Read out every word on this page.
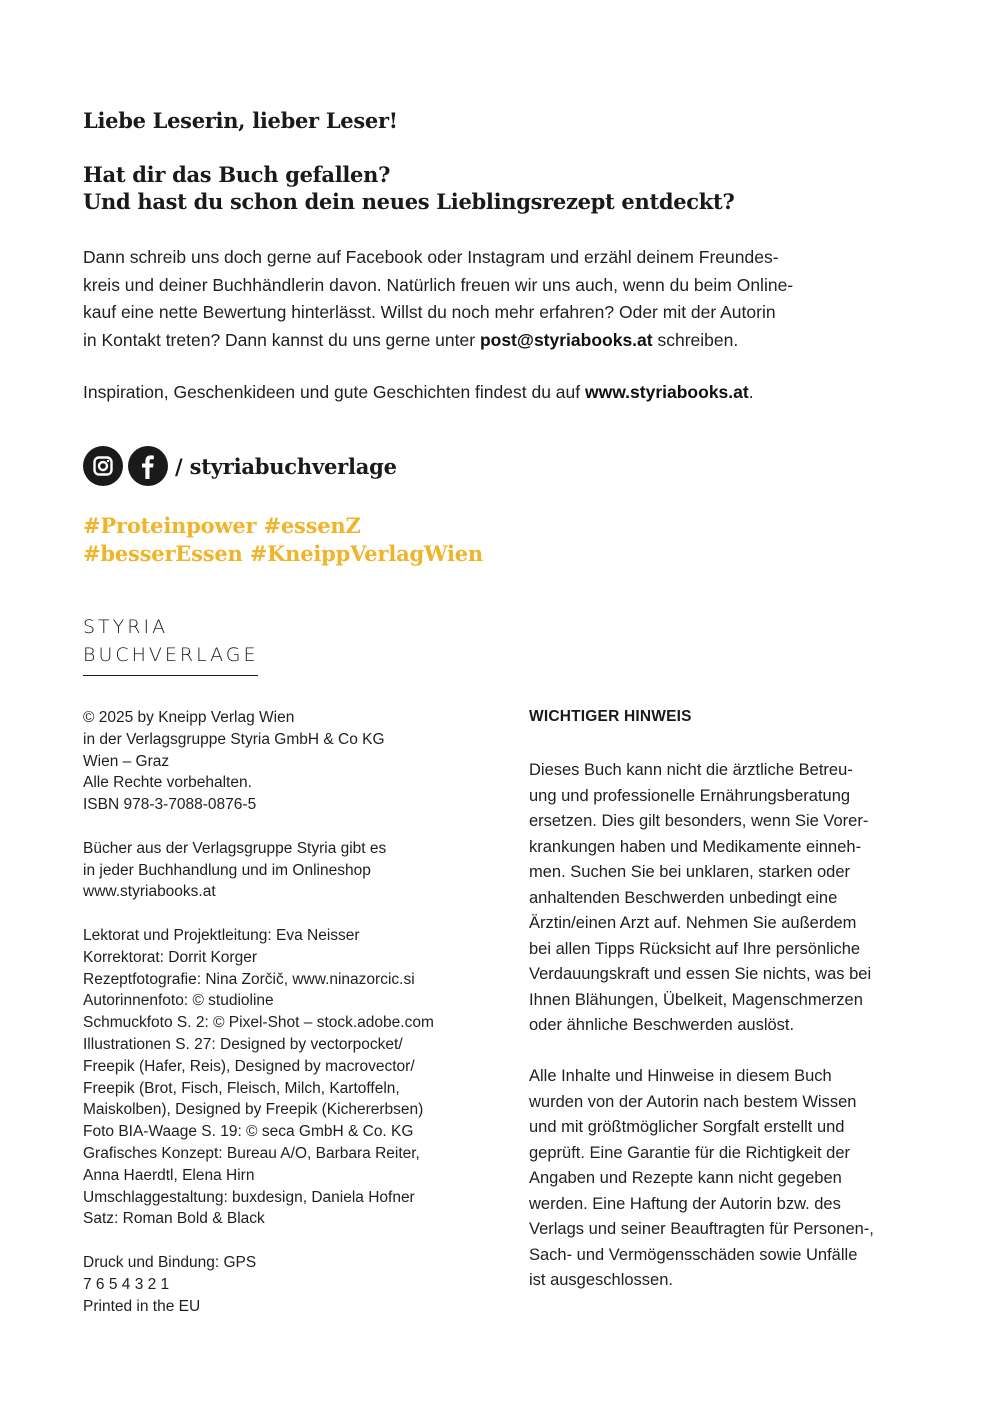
Liebe Leserin, lieber Leser!
Hat dir das Buch gefallen?
Und hast du schon dein neues Lieblingsrezept entdeckt?
Dann schreib uns doch gerne auf Facebook oder Instagram und erzähl deinem Freundes-
kreis und deiner Buchhändlerin davon. Natürlich freuen wir uns auch, wenn du beim Online-
kauf eine nette Bewertung hinterlässt. Willst du noch mehr erfahren? Oder mit der Autorin
in Kontakt treten? Dann kannst du uns gerne unter post@styriabooks.at schreiben.
Inspiration, Geschenkideen und gute Geschichten findest du auf www.styriabooks.at.
/ styriabuchverlage
#Proteinpower #essenZ
#besserEssen #KneippVerlagWien
STYRIA
BUCHVERLAGE
© 2025 by Kneipp Verlag Wien
in der Verlagsgruppe Styria GmbH & Co KG
Wien – Graz
Alle Rechte vorbehalten.
ISBN 978-3-7088-0876-5
Bücher aus der Verlagsgruppe Styria gibt es
in jeder Buchhandlung und im Onlineshop
www.styriabooks.at
Lektorat und Projektleitung: Eva Neisser
Korrektorat: Dorrit Korger
Rezeptfotografie: Nina Zorčič, www.ninazorcic.si
Autorinnenfoto: © studioline
Schmuckfoto S. 2: © Pixel-Shot – stock.adobe.com
Illustrationen S. 27: Designed by vectorpocket/
Freepik (Hafer, Reis), Designed by macrovector/
Freepik (Brot, Fisch, Fleisch, Milch, Kartoffeln,
Maiskolben), Designed by Freepik (Kichererbsen)
Foto BIA-Waage S. 19: © seca GmbH & Co. KG
Grafisches Konzept: Bureau A/O, Barbara Reiter,
Anna Haerdtl, Elena Hirn
Umschlaggestaltung: buxdesign, Daniela Hofner
Satz: Roman Bold & Black
Druck und Bindung: GPS
7 6 5 4 3 2 1
Printed in the EU
WICHTIGER HINWEIS
Dieses Buch kann nicht die ärztliche Betreu-
ung und professionelle Ernährungsberatung
ersetzen. Dies gilt besonders, wenn Sie Vorer-
krankungen haben und Medikamente einneh-
men. Suchen Sie bei unklaren, starken oder
anhaltenden Beschwerden unbedingt eine
Ärztin/einen Arzt auf. Nehmen Sie außerdem
bei allen Tipps Rücksicht auf Ihre persönliche
Verdauungskraft und essen Sie nichts, was bei
Ihnen Blähungen, Übelkeit, Magenschmerzen
oder ähnliche Beschwerden auslöst.
Alle Inhalte und Hinweise in diesem Buch
wurden von der Autorin nach bestem Wissen
und mit größtmöglicher Sorgfalt erstellt und
geprüft. Eine Garantie für die Richtigkeit der
Angaben und Rezepte kann nicht gegeben
werden. Eine Haftung der Autorin bzw. des
Verlags und seiner Beauftragten für Personen-,
Sach- und Vermögensschäden sowie Unfälle
ist ausgeschlossen.
